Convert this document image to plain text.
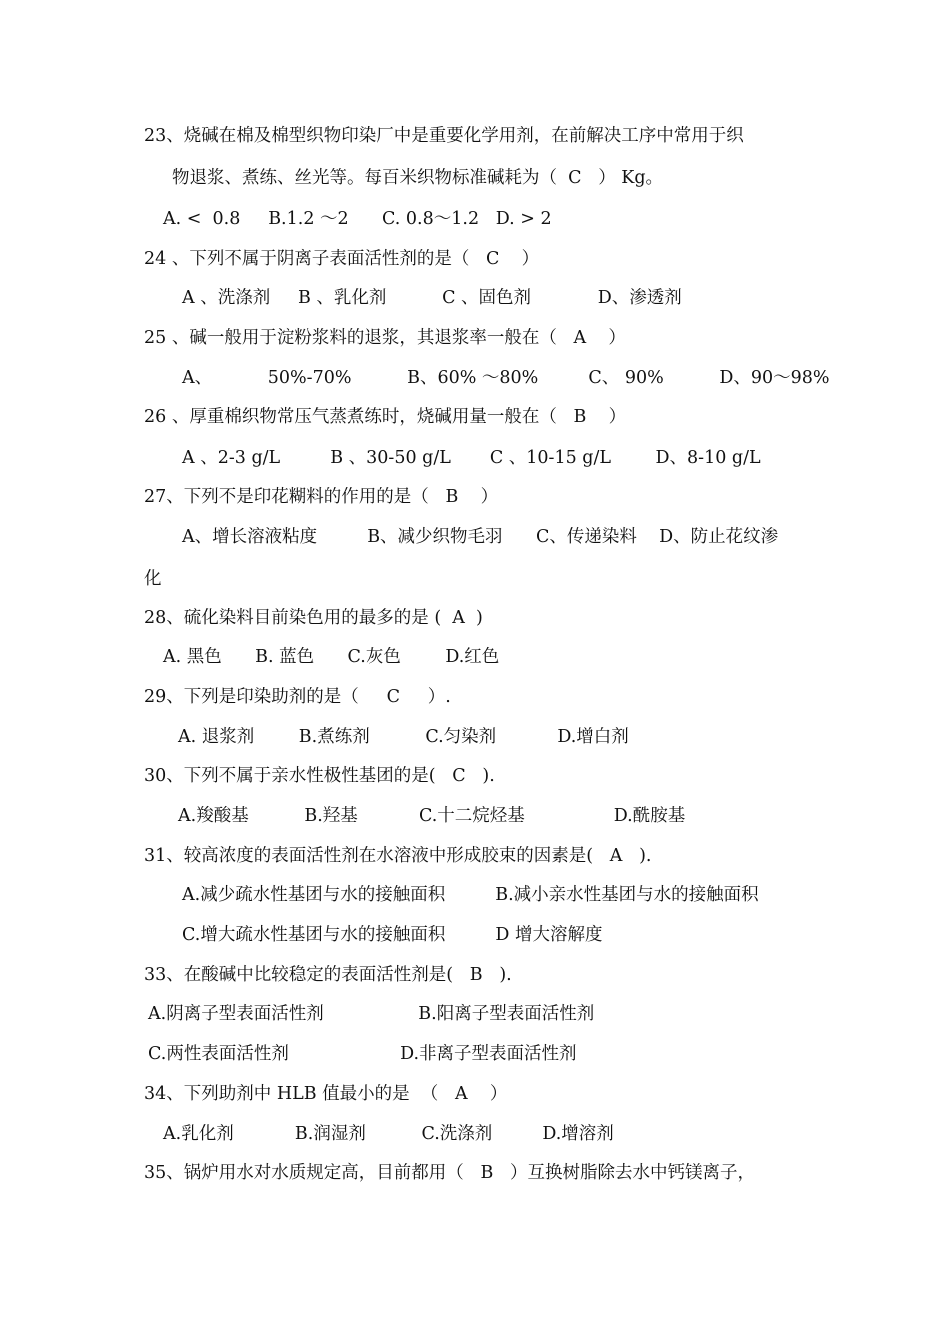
23、烧碱在棉及棉型织物印染厂中是重要化学用剂，在前解决工序中常用于织
物退浆、煮练、丝光等。每百米织物标准碱耗为（  C   ） Kg。
A. <  0.8     B.1.2 ～2      C. 0.8～1.2   D. > 2
24 、下列不属于阴离子表面活性剂的是（   C    ）
A 、洗涤剂     B 、乳化剂          C 、固色剂            D、渗透剂
25 、碱一般用于淀粉浆料的退浆，其退浆率一般在（   A    ）
A、          50%-70%          B、60% ～80%         C、 90%          D、90～98%
26 、厚重棉织物常压气蒸煮练时，烧碱用量一般在（   B    ）
A 、2-3 g/L         B 、30-50 g/L       C 、10-15 g/L        D、8-10 g/L
27、下列不是印花糊料的作用的是（   B    ）
A、增长溶液粘度         B、减少织物毛羽      C、传递染料    D、防止花纹渗
化
28、硫化染料目前染色用的最多的是 (  A  )
A. 黑色      B. 蓝色      C.灰色        D.红色
29、下列是印染助剂的是（     C     ）.
A. 退浆剂        B.煮练剂          C.匀染剂           D.增白剂
30、下列不属于亲水性极性基团的是(   C   ).
A.羧酸基          B.羟基           C.十二烷烃基                D.酰胺基
31、较高浓度的表面活性剂在水溶液中形成胶束的因素是(   A   ).
A.减少疏水性基团与水的接触面积         B.减小亲水性基团与水的接触面积
C.增大疏水性基团与水的接触面积         D 增大溶解度
33、在酸碱中比较稳定的表面活性剂是(   B   ).
A.阴离子型表面活性剂                 B.阳离子型表面活性剂
C.两性表面活性剂                    D.非离子型表面活性剂
34、下列助剂中 HLB 值最小的是  （   A    ）
A.乳化剂           B.润湿剂          C.洗涤剂         D.增溶剂
35、锅炉用水对水质规定高，目前都用（   B   ）互换树脂除去水中钙镁离子，
